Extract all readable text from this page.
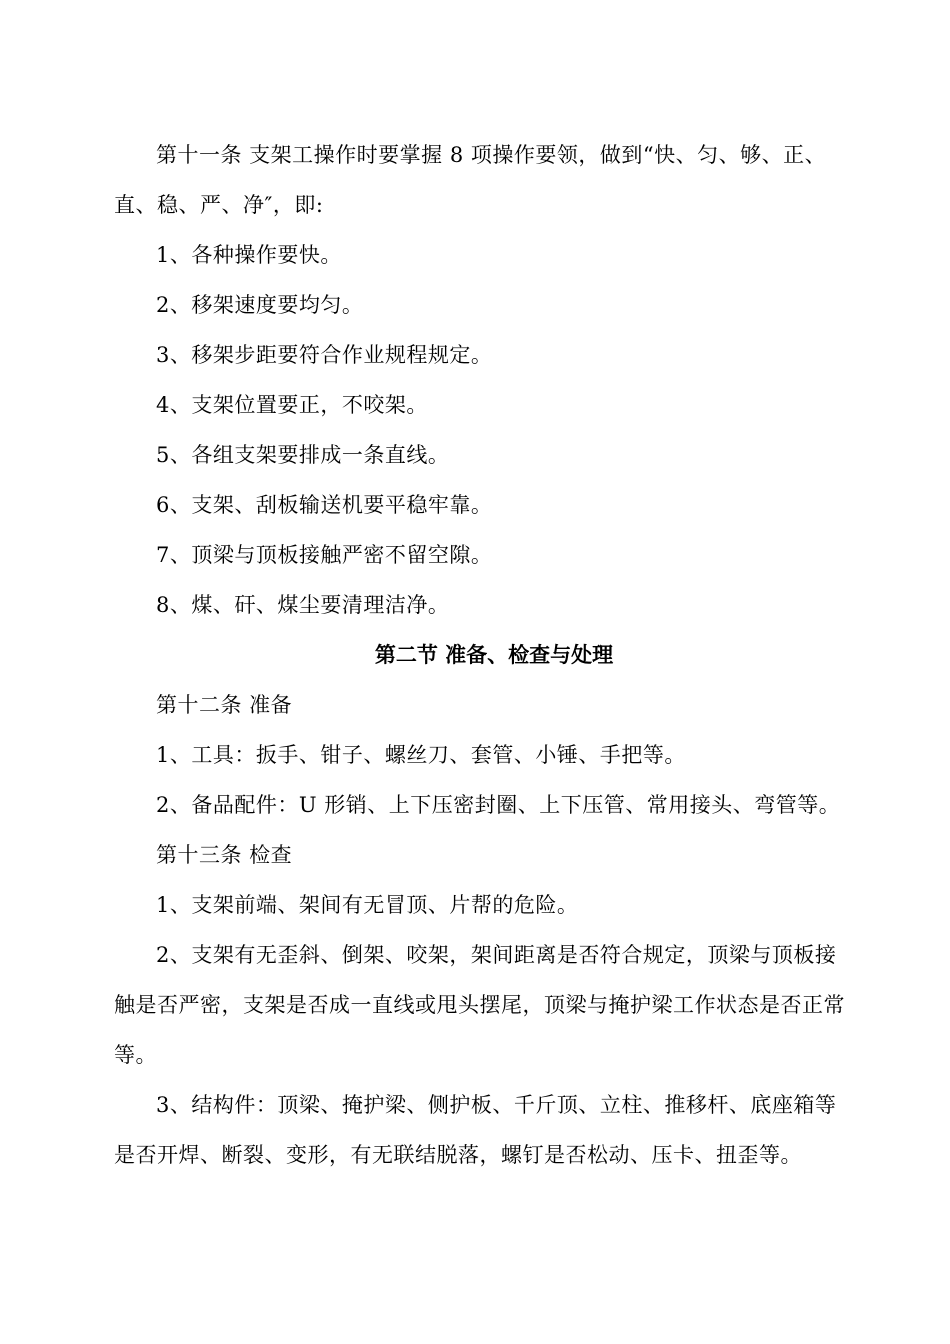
第十一条 支架工操作时要掌握 8 项操作要领，做到“快、匀、够、正、直、稳、严、净″，即:

1、各种操作要快。

2、移架速度要均匀。

3、移架步距要符合作业规程规定。

4、支架位置要正，不咬架。

5、各组支架要排成一条直线。

6、支架、刮板输送机要平稳牢靠。

7、顶梁与顶板接触严密不留空隙。

8、煤、矸、煤尘要清理洁净。

第二节 准备、检查与处理

第十二条 准备

1、工具：扳手、钳子、螺丝刀、套管、小锤、手把等。

2、备品配件：U 形销、上下压密封圈、上下压管、常用接头、弯管等。

第十三条 检查

1、支架前端、架间有无冒顶、片帮的危险。

2、支架有无歪斜、倒架、咬架，架间距离是否符合规定，顶梁与顶板接触是否严密，支架是否成一直线或甩头摆尾，顶梁与掩护梁工作状态是否正常等。

3、结构件：顶梁、掩护梁、侧护板、千斤顶、立柱、推移杆、底座箱等是否开焊、断裂、变形，有无联结脱落，螺钉是否松动、压卡、扭歪等。
